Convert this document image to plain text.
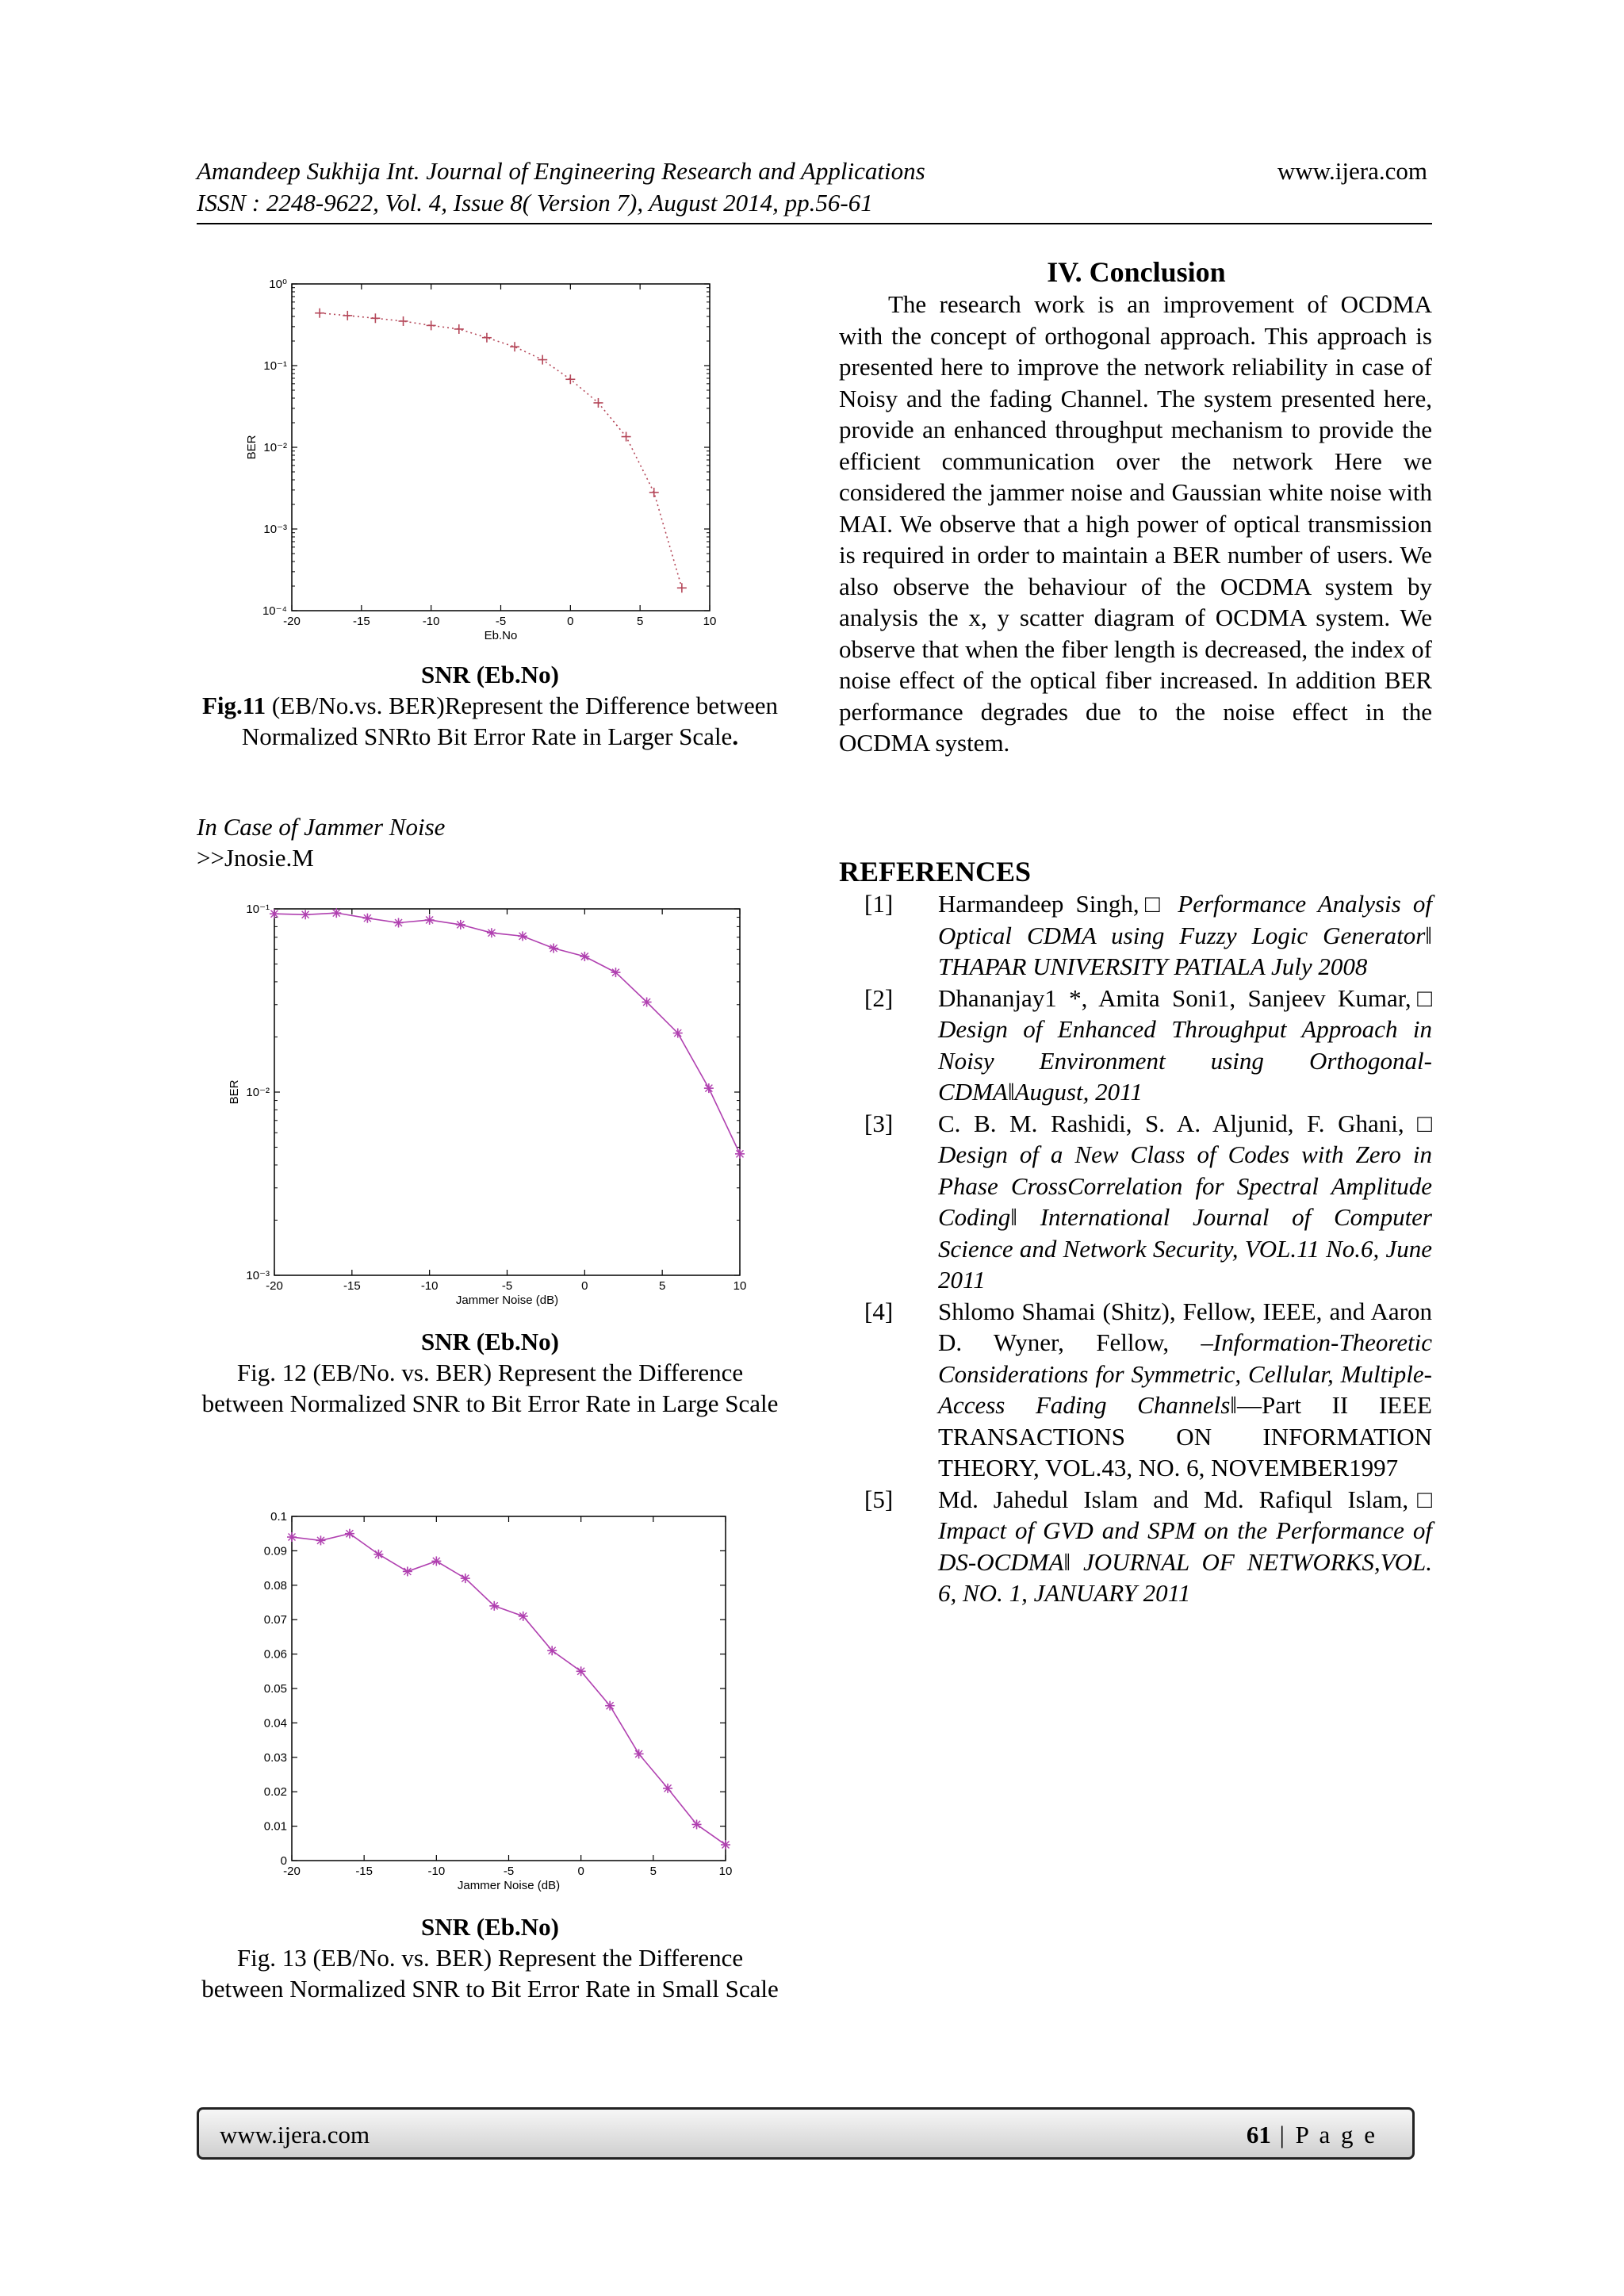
Amandeep Sukhija Int. Journal of Engineering Research and Applications	www.ijera.com
ISSN : 2248-9622, Vol. 4, Issue 8( Version 7), August 2014, pp.56-61
-20	-15	-10	-5	0	5	10
10⁻⁴
10⁻³
10⁻²
10⁻¹
10⁰
Eb.No
BER
SNR (Eb.No)
Fig.11 (EB/No.vs. BER)Represent the Difference between Normalized SNRto Bit Error Rate in Larger Scale.
In Case of Jammer Noise
>>Jnosie.M
-20	-15	-10	-5	0	5	10
10⁻³
10⁻²
10⁻¹
Jammer Noise (dB)
BER
SNR (Eb.No)
Fig. 12 (EB/No. vs. BER) Represent the Difference between Normalized SNR to Bit Error Rate in Large Scale
-20	-15	-10	-5	0	5	10
0
0.01
0.02
0.03
0.04
0.05
0.06
0.07
0.08
0.09
0.1
Jammer Noise (dB)
SNR (Eb.No)
Fig. 13 (EB/No. vs. BER) Represent the Difference between Normalized SNR to Bit Error Rate in Small Scale
IV. Conclusion
The research work is an improvement of OCDMA with the concept of orthogonal approach. This approach is presented here to improve the network reliability in case of Noisy and the fading Channel. The system presented here, provide an enhanced throughput mechanism to provide the efficient communication over the network Here we considered the jammer noise and Gaussian white noise with MAI. We observe that a high power of optical transmission is required in order to maintain a BER number of users. We also observe the behaviour of the OCDMA system by analysis the x, y scatter diagram of OCDMA system. We observe that when the fiber length is decreased, the index of noise effect of the optical fiber increased. In addition BER performance degrades due to the noise effect in the OCDMA system.
REFERENCES
[1] Harmandeep Singh,□ Performance Analysis of Optical CDMA using Fuzzy Logic Generator‖ THAPAR UNIVERSITY PATIALA July 2008
[2] Dhananjay1 *, Amita Soni1, Sanjeev Kumar,□ Design of Enhanced Throughput Approach in Noisy Environment using Orthogonal-CDMA‖August, 2011
[3] C. B. M. Rashidi, S. A. Aljunid, F. Ghani, □ Design of a New Class of Codes with Zero in Phase CrossCorrelation for Spectral Amplitude Coding‖ International Journal of Computer Science and Network Security, VOL.11 No.6, June 2011
[4] Shlomo Shamai (Shitz), Fellow, IEEE, and Aaron D. Wyner, Fellow, –Information-Theoretic Considerations for Symmetric, Cellular, Multiple-Access Fading Channels‖—Part II IEEE TRANSACTIONS ON INFORMATION THEORY, VOL.43, NO. 6, NOVEMBER1997
[5] Md. Jahedul Islam and Md. Rafiqul Islam,□ Impact of GVD and SPM on the Performance of DS-OCDMA‖ JOURNAL OF NETWORKS,VOL. 6, NO. 1, JANUARY 2011
www.ijera.com	61 | P a g e
